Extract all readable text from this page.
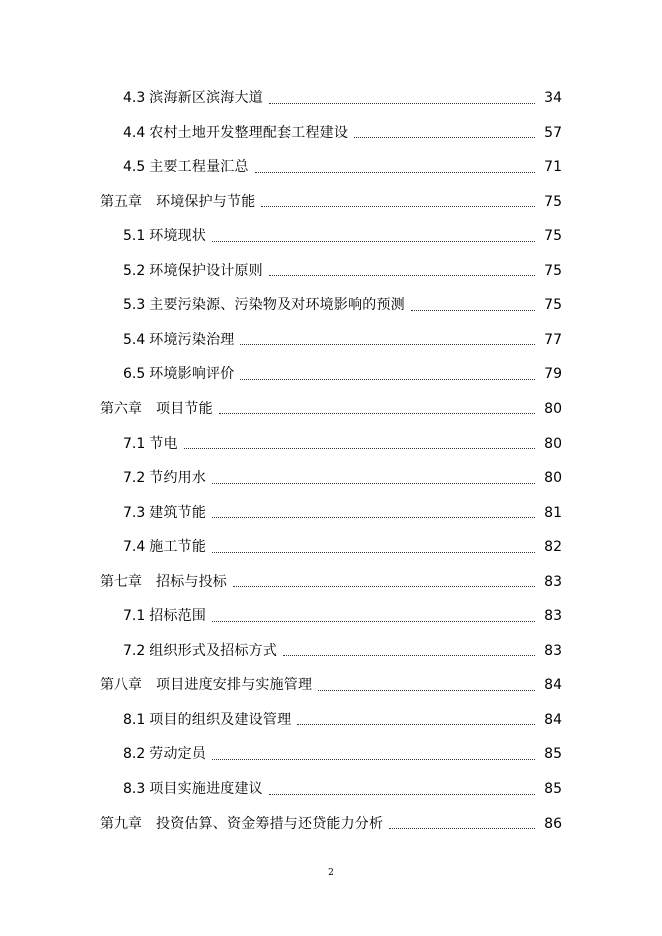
4.3 滨海新区滨海大道	34
4.4 农村土地开发整理配套工程建设	57
4.5 主要工程量汇总	71
第五章 环境保护与节能	75
5.1 环境现状	75
5.2 环境保护设计原则	75
5.3 主要污染源、污染物及对环境影响的预测	75
5.4 环境污染治理	77
6.5 环境影响评价	79
第六章 项目节能	80
7.1 节电	80
7.2 节约用水	80
7.3 建筑节能	81
7.4 施工节能	82
第七章 招标与投标	83
7.1 招标范围	83
7.2 组织形式及招标方式	83
第八章 项目进度安排与实施管理	84
8.1 项目的组织及建设管理	84
8.2 劳动定员	85
8.3 项目实施进度建议	85
第九章 投资估算、资金筹措与还贷能力分析	86
2
